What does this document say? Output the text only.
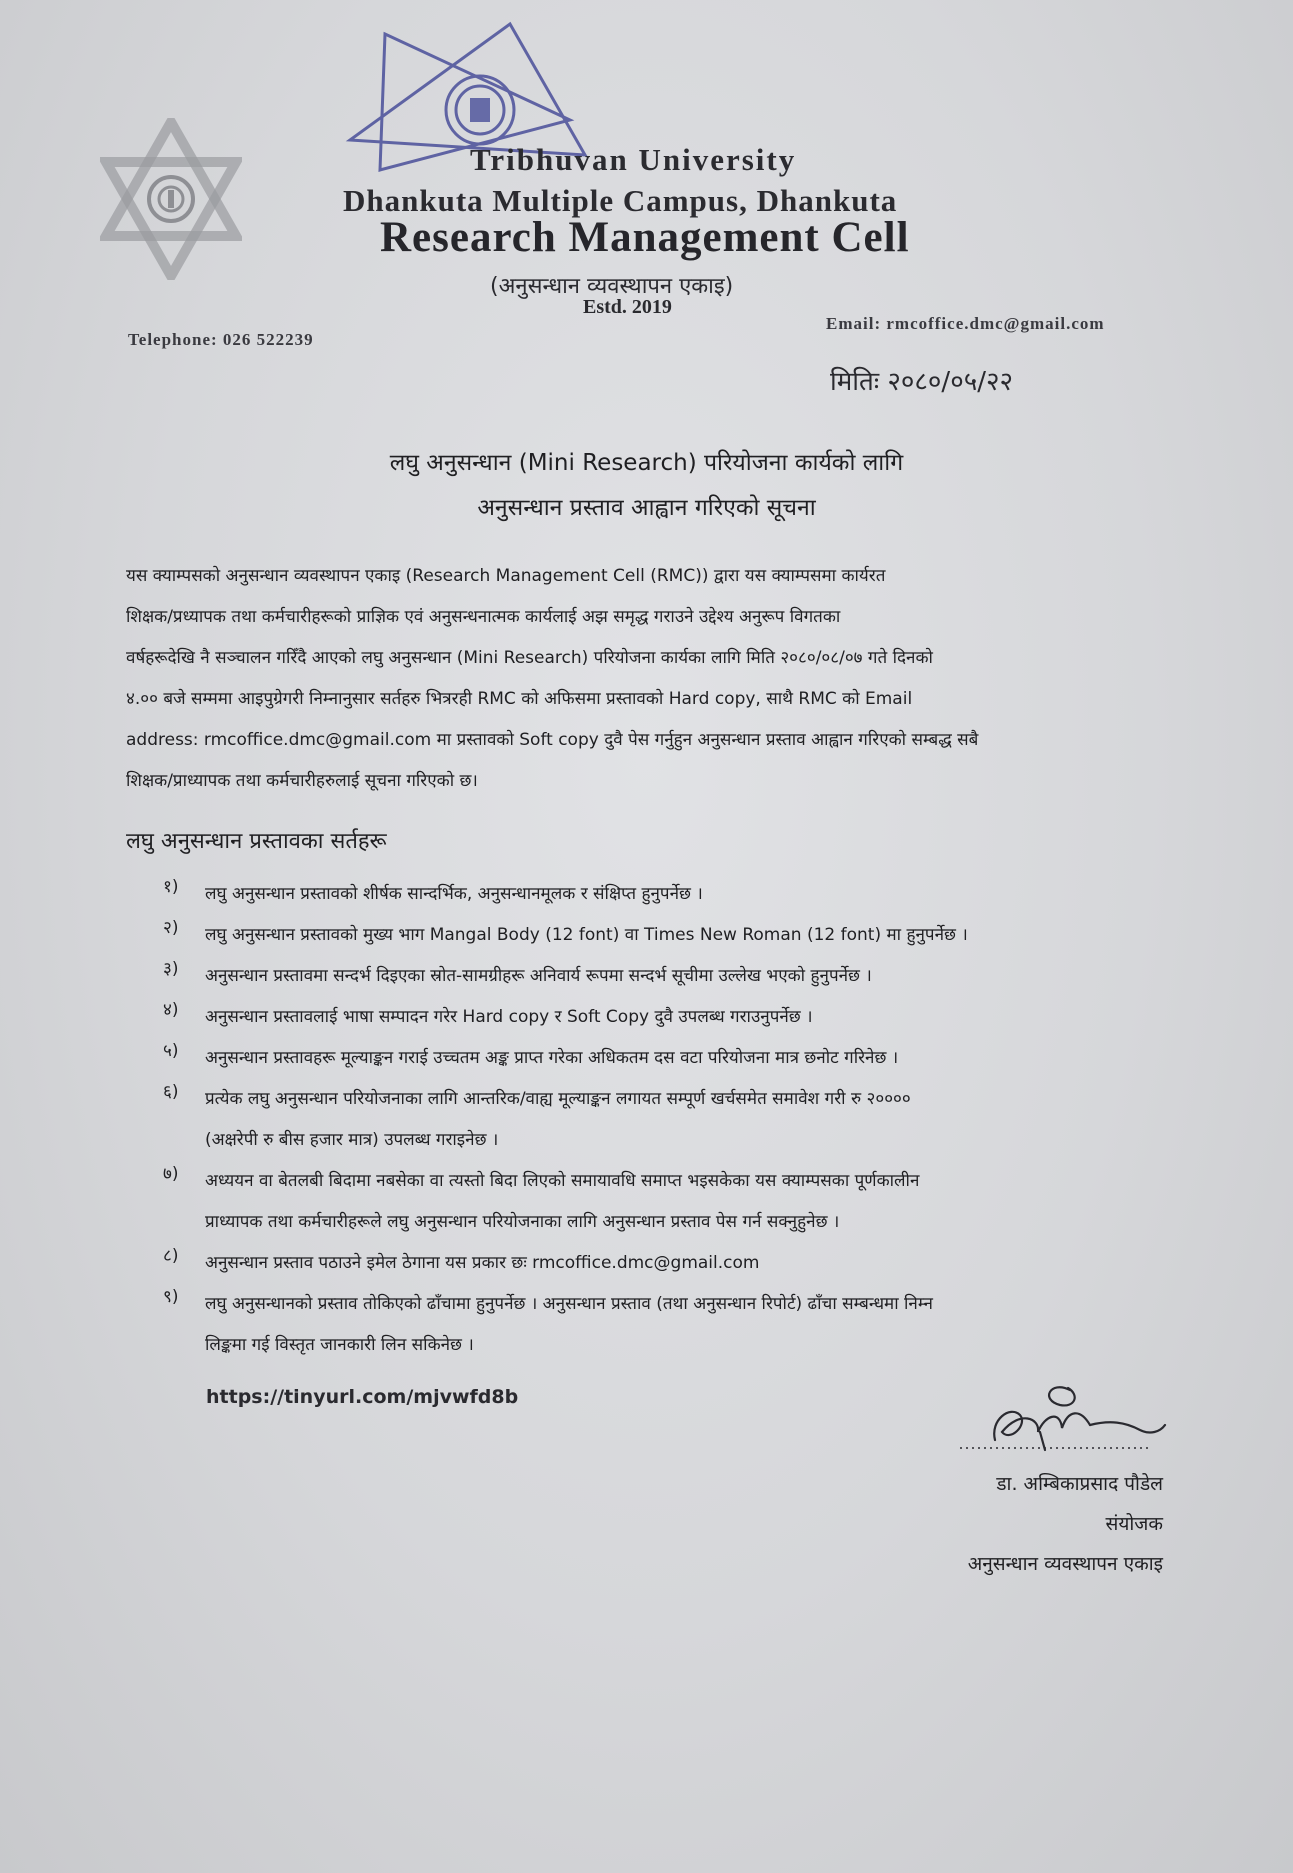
Tribhuvan University
Dhankuta Multiple Campus, Dhankuta
Research Management Cell
(अनुसन्धान व्यवस्थापन एकाइ)
Estd. 2019
Telephone: 026 522239
Email: rmcoffice.dmc@gmail.com
मितिः २०८०/०५/२२
लघु अनुसन्धान (Mini Research) परियोजना कार्यको लागि
अनुसन्धान प्रस्ताव आह्वान गरिएको सूचना
यस क्याम्पसको अनुसन्धान व्यवस्थापन एकाइ (Research Management Cell (RMC)) द्वारा यस क्याम्पसमा कार्यरत
शिक्षक/प्रध्यापक तथा कर्मचारीहरूको प्राज्ञिक एवं अनुसन्धनात्मक कार्यलाई अझ समृद्ध गराउने उद्देश्य अनुरूप विगतका
वर्षहरूदेखि नै सञ्चालन गरिँदै आएको लघु अनुसन्धान (Mini Research) परियोजना कार्यका लागि मिति २०८०/०८/०७ गते दिनको
४.०० बजे सम्ममा आइपुग्रेगरी निम्नानुसार सर्तहरु भित्ररही RMC को अफिसमा प्रस्तावको Hard copy, साथै RMC को Email
address: rmcoffice.dmc@gmail.com मा प्रस्तावको Soft copy दुवै पेस गर्नुहुन अनुसन्धान प्रस्ताव आह्वान गरिएको सम्बद्ध सबै
शिक्षक/प्राध्यापक तथा कर्मचारीहरुलाई सूचना गरिएको छ।
लघु अनुसन्धान प्रस्तावका सर्तहरू
१)	लघु अनुसन्धान प्रस्तावको शीर्षक सान्दर्भिक, अनुसन्धानमूलक र संक्षिप्त हुनुपर्नेछ ।
२)	लघु अनुसन्धान प्रस्तावको मुख्य भाग Mangal Body (12 font) वा Times New Roman (12 font) मा हुनुपर्नेछ ।
३)	अनुसन्धान प्रस्तावमा सन्दर्भ दिइएका स्रोत-सामग्रीहरू अनिवार्य रूपमा सन्दर्भ सूचीमा उल्लेख भएको हुनुपर्नेछ ।
४)	अनुसन्धान प्रस्तावलाई भाषा सम्पादन गरेर Hard copy र Soft Copy दुवै उपलब्ध गराउनुपर्नेछ ।
५)	अनुसन्धान प्रस्तावहरू मूल्याङ्कन गराई उच्चतम अङ्क प्राप्त गरेका अधिकतम दस वटा परियोजना मात्र छनोट गरिनेछ ।
६)	प्रत्येक लघु अनुसन्धान परियोजनाका लागि आन्तरिक/वाह्य मूल्याङ्कन लगायत सम्पूर्ण खर्चसमेत समावेश गरी रु २००००
(अक्षरेपी रु बीस हजार मात्र) उपलब्ध गराइनेछ ।
७)	अध्ययन वा बेतलबी बिदामा नबसेका वा त्यस्तो बिदा लिएको समायावधि समाप्त भइसकेका यस क्याम्पसका पूर्णकालीन
प्राध्यापक तथा कर्मचारीहरूले लघु अनुसन्धान परियोजनाका लागि अनुसन्धान प्रस्ताव पेस गर्न सक्नुहुनेछ ।
८)	अनुसन्धान प्रस्ताव पठाउने इमेल ठेगाना यस प्रकार छः rmcoffice.dmc@gmail.com
९)	लघु अनुसन्धानको प्रस्ताव तोकिएको ढाँचामा हुनुपर्नेछ । अनुसन्धान प्रस्ताव (तथा अनुसन्धान रिपोर्ट) ढाँचा सम्बन्धमा निम्न
लिङ्कमा गई विस्तृत जानकारी लिन सकिनेछ ।
https://tinyurl.com/mjvwfd8b
डा. अम्बिकाप्रसाद पौडेल
संयोजक
अनुसन्धान व्यवस्थापन एकाइ
